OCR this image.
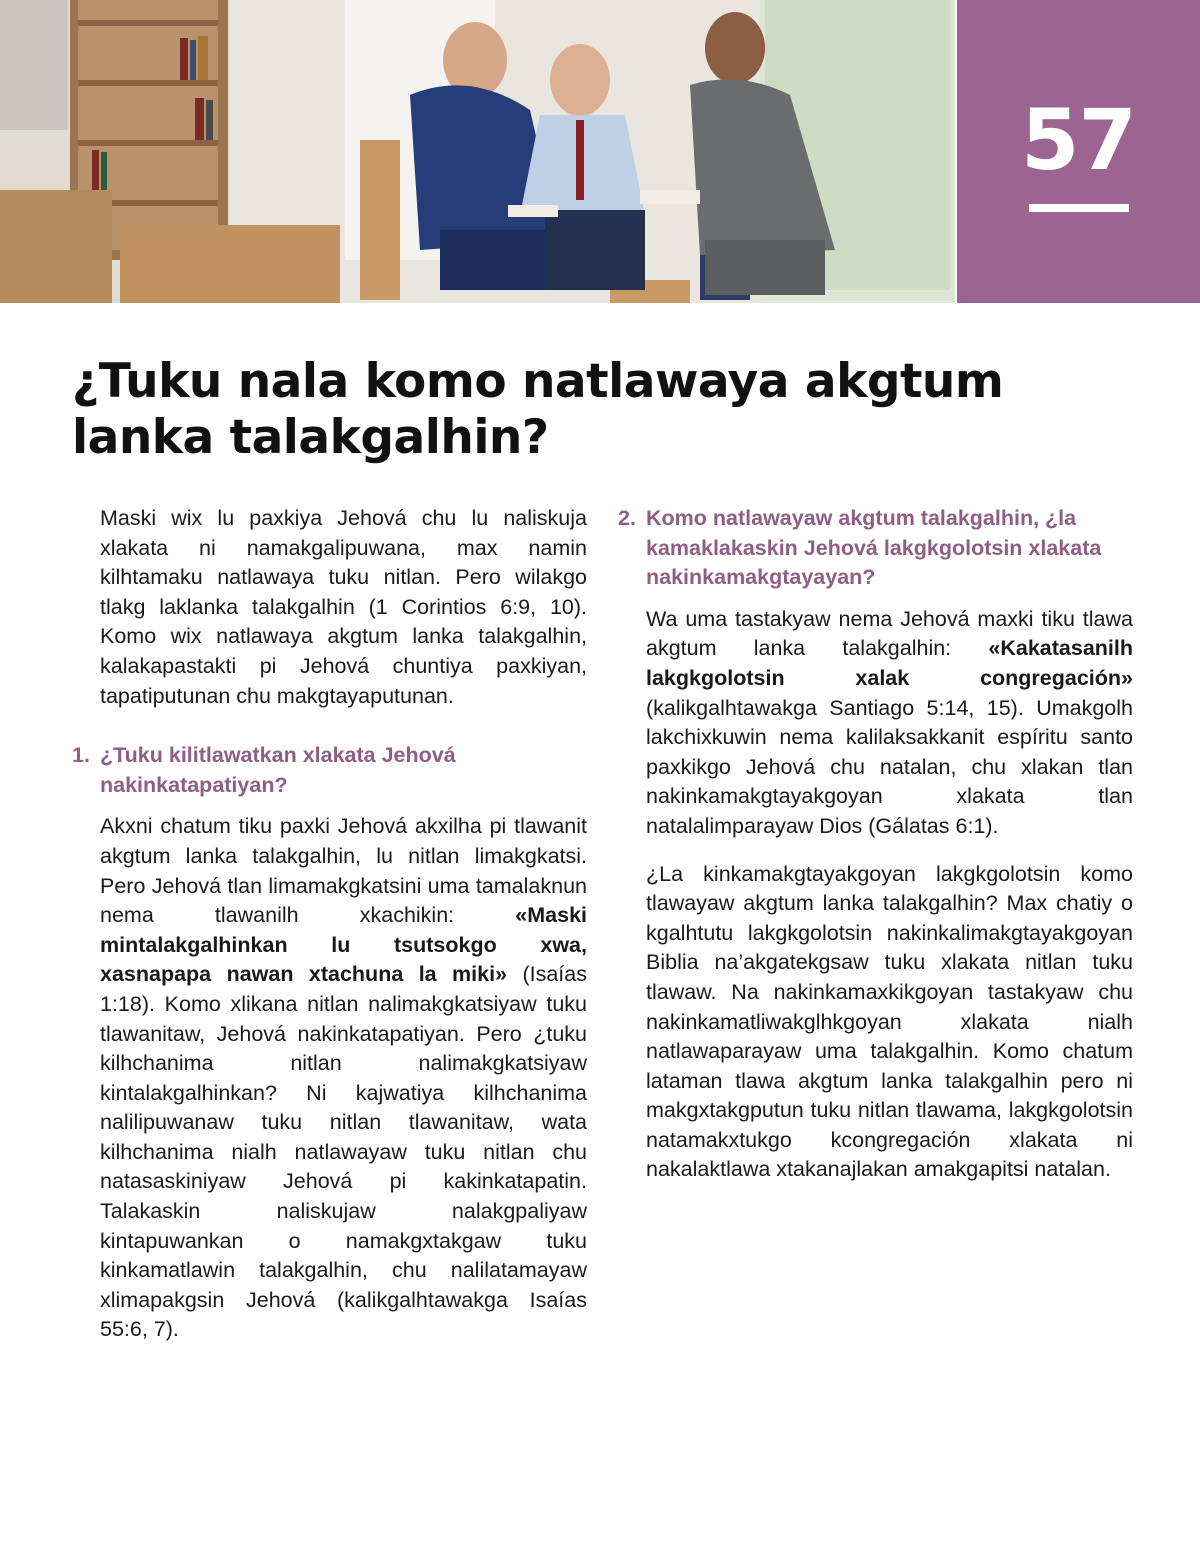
57
¿Tuku nala komo natlawaya akgtum lanka talakgalhin?

Maski wix lu paxkiya Jehová chu lu naliskuja xlakata ni namakgalipuwana, max namin kilhtamaku natlawaya tuku nitlan. Pero wilakgo tlakg laklanka talakgalhin (1 Corintios 6:9, 10). Komo wix natlawaya akgtum lanka talakgalhin, kalakapastakti pi Jehová chuntiya paxkiyan, tapatiputunan chu makgtayaputunan.

1. ¿Tuku kilitlawatkan xlakata Jehová nakinkatapatiyan?

Akxni chatum tiku paxki Jehová akxilha pi tlawanit akgtum lanka talakgalhin, lu nitlan limakgkatsi. Pero Jehová tlan limamakgkatsini uma tamalaknun nema tlawanilh xkachikin: «Maski mintalakgalhinkan lu tsutsokgo xwa, xasnapapa nawan xtachuna la miki» (Isaías 1:18). Komo xlikana nitlan nalimakgkatsiyaw tuku tlawanitaw, Jehová nakinkatapatiyan. Pero ¿tuku kilhchanima nitlan nalimakgkatsiyaw kintalakgalhinkan? Ni kajwatiya kilhchanima nalilipuwanaw tuku nitlan tlawanitaw, wata kilhchanima nialh natlawayaw tuku nitlan chu natasaskiniyaw Jehová pi kakinkatapatin. Talakaskin naliskujaw nalakgpaliyaw kintapuwankan o namakgxtakgaw tuku kinkamatlawin talakgalhin, chu nalilatamayaw xlimapakgsin Jehová (kalikgalhtawakga Isaías 55:6, 7).

2. Komo natlawayaw akgtum talakgalhin, ¿la kamaklakaskin Jehová lakgkgolotsin xlakata nakinkamakgtayayan?

Wa uma tastakyaw nema Jehová maxki tiku tlawa akgtum lanka talakgalhin: «Kakatasanilh lakgkgolotsin xalak congregación» (kalikgalhtawakga Santiago 5:14, 15). Umakgolh lakchixkuwin nema kalilaksakkanit espíritu santo paxkikgo Jehová chu natalan, chu xlakan tlan nakinkamakgtayakgoyan xlakata tlan natalalimparayaw Dios (Gálatas 6:1).

¿La kinkamakgtayakgoyan lakgkgolotsin komo tlawayaw akgtum lanka talakgalhin? Max chatiy o kgalhtutu lakgkgolotsin nakinkalimakgtayakgoyan Biblia na’akgatekgsaw tuku xlakata nitlan tuku tlawaw. Na nakinkamaxkikgoyan tastakyaw chu nakinkamatliwakglhkgoyan xlakata nialh natlawaparayaw uma talakgalhin. Komo chatum lataman tlawa akgtum lanka talakgalhin pero ni makgxtakgputun tuku nitlan tlawama, lakgkgolotsin natamakxtukgo kcongregación xlakata ni nakalaktlawa xtakanajlakan amakgapitsi natalan.
